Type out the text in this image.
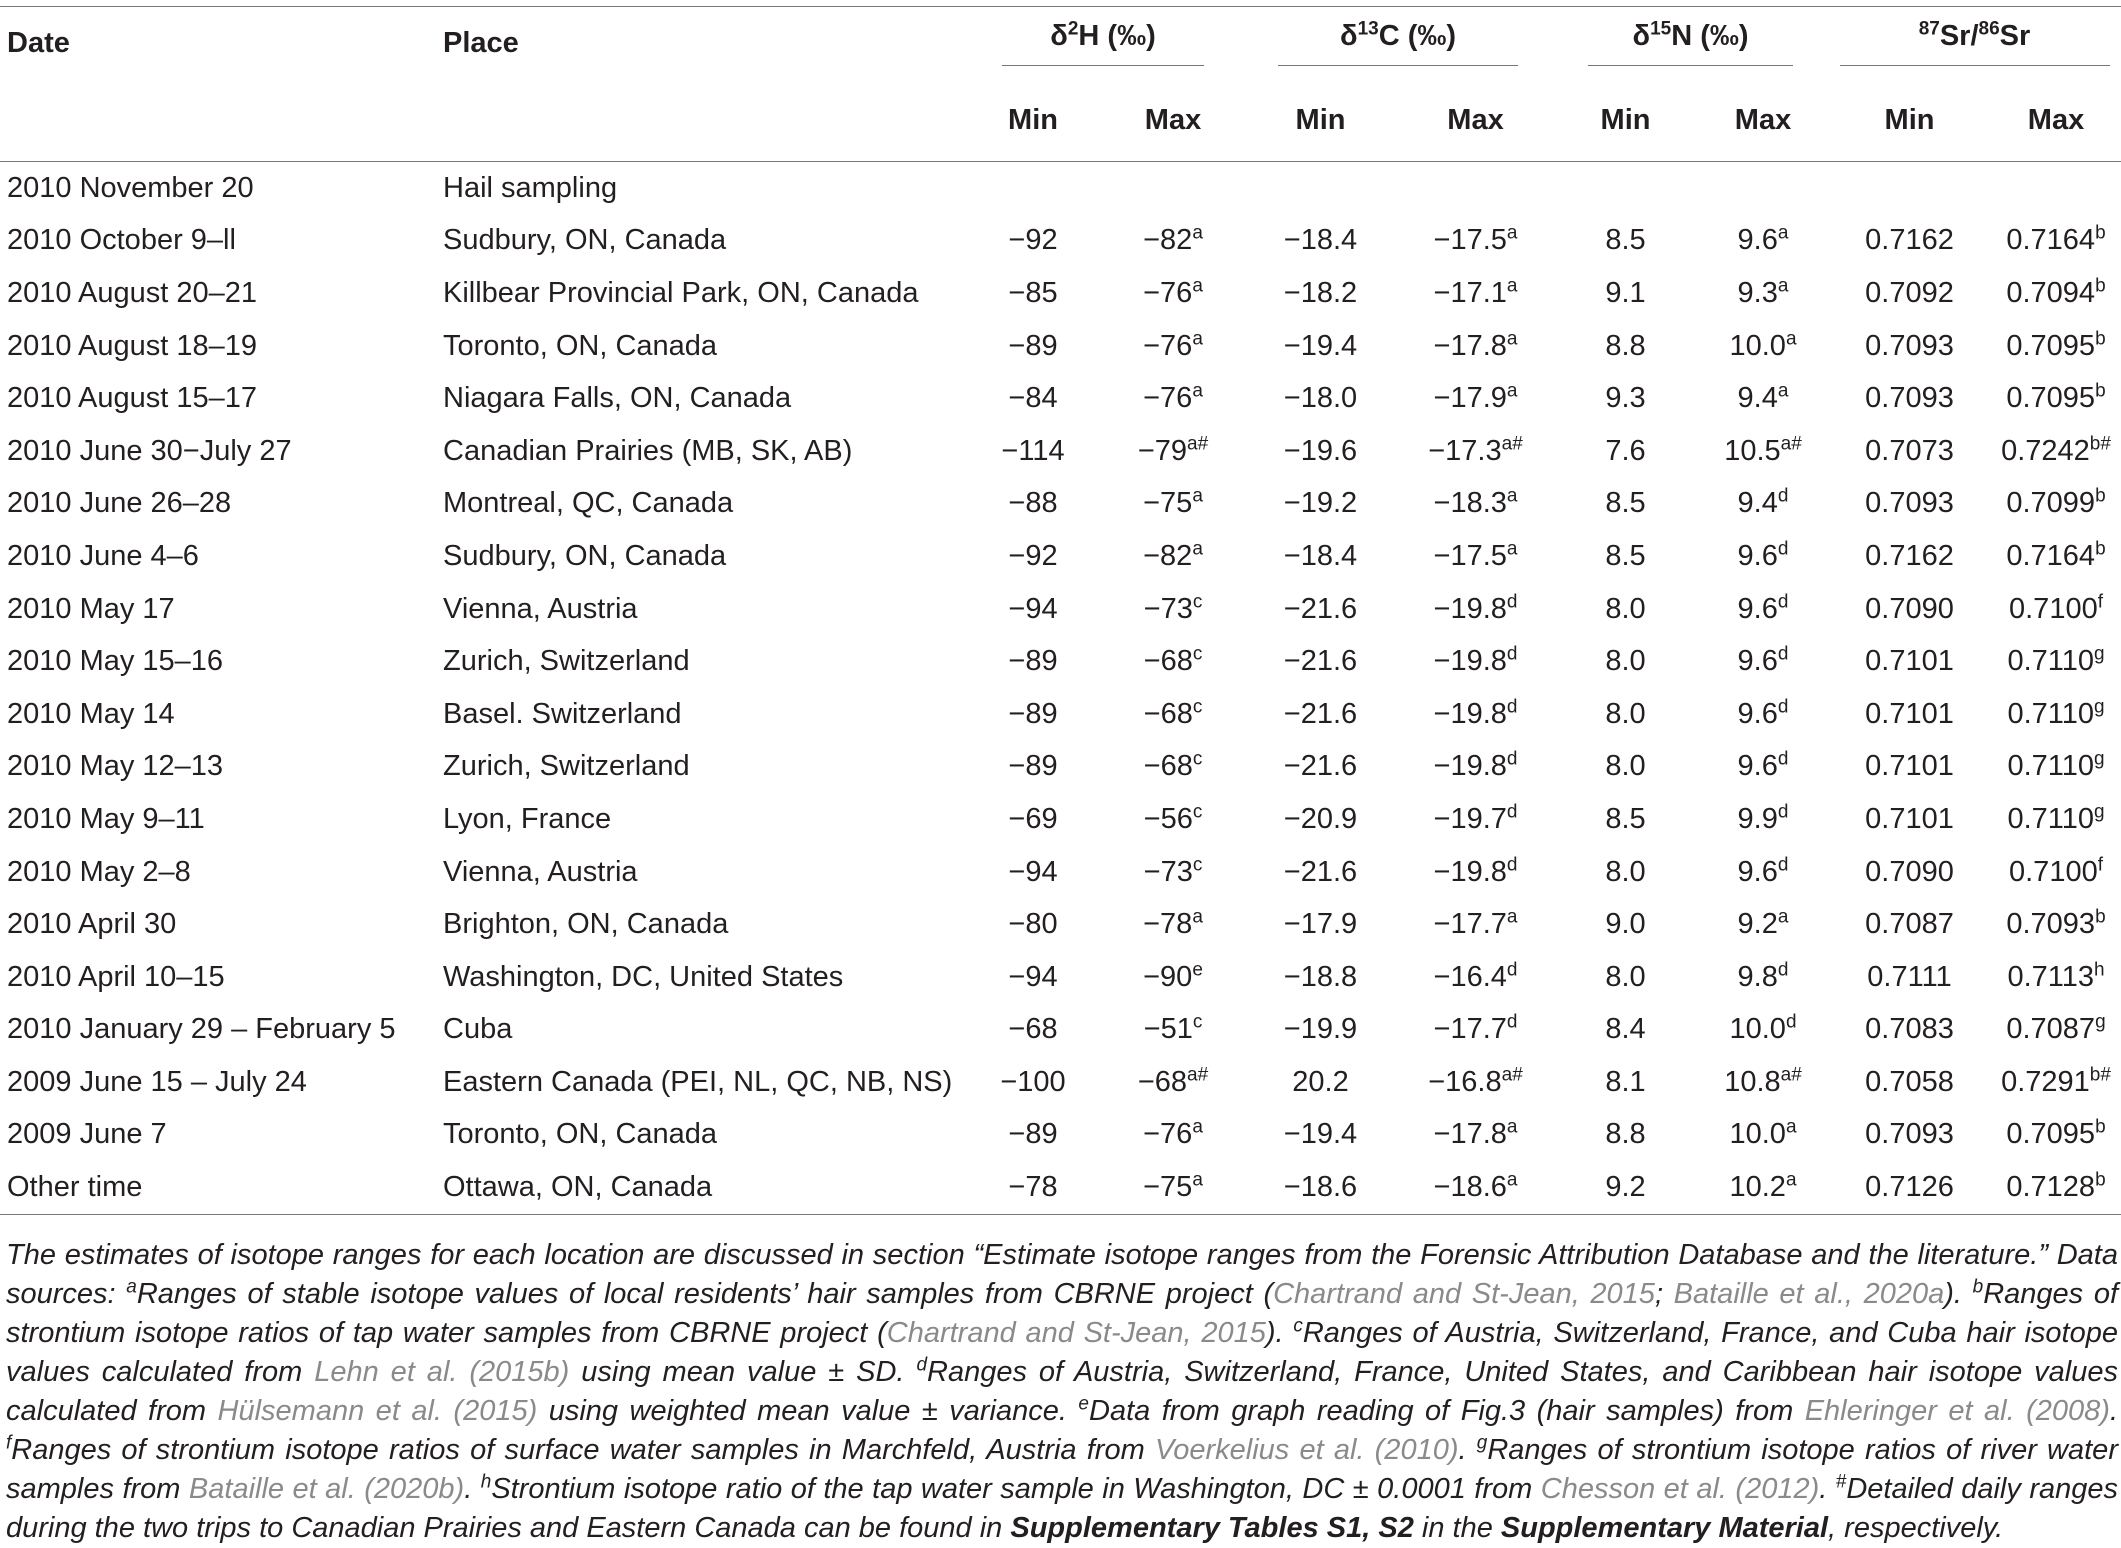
Date	Place	$\delta^2H$ (‰)		$\delta^{13}C$ (‰)		$\delta^{15}N$ (‰)		$^{87}$Sr/$^{86}$Sr	

		Min	Max	Min	Max	Min	Max	Min	Max
2010 November 20	Hail sampling								
2010 October 9–ll	Sudbury, ON, Canada	−92	$-82^a$	−18.4	−17.5$^a$	8.5	9.6$^a$	0.7162	0.7164$^b$
2010 August 20–21	Killbear Provincial Park, ON, Canada	−85	$-76^a$	−18.2	−17.1$^a$	9.1	9.3$^a$	0.7092	0.7094$^b$
2010 August 18–19	Toronto, ON, Canada	−89	$-76^a$	−19.4	−17.8$^a$	8.8	10.0$^a$	0.7093	0.7095$^b$
2010 August 15–17	Niagara Falls, ON, Canada	−84	$-76^a$	−18.0	−17.9$^a$	9.3	9.4$^a$	0.7093	0.7095$^b$
2010 June 30−July 27	Canadian Prairies (MB, SK, AB)	−114	$-79^{a\#}$	−19.6	$-17.3^{a\#}$	7.6	$10.5^{a\#}$	0.7073	$0.7242^{b\#}$
2010 June 26–28	Montreal, QC, Canada	−88	$-75^a$	−19.2	−18.3$^a$	8.5	9.4$^d$	0.7093	0.7099$^b$
2010 June 4–6	Sudbury, ON, Canada	−92	$-82^a$	−18.4	−17.5$^a$	8.5	9.6$^d$	0.7162	0.7164$^b$
2010 May 17	Vienna, Austria	−94	$-73^c$	−21.6	−19.8$^d$	8.0	9.6$^d$	0.7090	0.7100$^f$
2010 May 15–16	Zurich, Switzerland	−89	$-68^c$	−21.6	−19.8$^d$	8.0	9.6$^d$	0.7101	0.7110$^g$
2010 May 14	Basel. Switzerland	−89	$-68^c$	−21.6	−19.8$^d$	8.0	9.6$^d$	0.7101	0.7110$^g$
2010 May 12–13	Zurich, Switzerland	−89	$-68^c$	−21.6	−19.8$^d$	8.0	9.6$^d$	0.7101	0.7110$^g$
2010 May 9–11	Lyon, France	−69	$-56^c$	−20.9	−19.7$^d$	8.5	9.9$^d$	0.7101	0.7110$^g$
2010 May 2–8	Vienna, Austria	−94	$-73^c$	−21.6	−19.8$^d$	8.0	9.6$^d$	0.7090	0.7100$^f$
2010 April 30	Brighton, ON, Canada	−80	$-78^a$	−17.9	−17.7$^a$	9.0	9.2$^a$	0.7087	0.7093$^b$
2010 April 10–15	Washington, DC, United States	−94	$-90^e$	−18.8	−16.4$^d$	8.0	9.8$^d$	0.7111	0.7113$^h$
2010 January 29 – February 5	Cuba	−68	$-51^c$	−19.9	−17.7$^d$	8.4	10.0$^d$	0.7083	0.7087$^g$
2009 June 15 – July 24	Eastern Canada (PEI, NL, QC, NB, NS)	−100	$-68^{a\#}$	20.2	$-16.8^{a\#}$	8.1	$10.8^{a\#}$	0.7058	$0.7291^{b\#}$
2009 June 7	Toronto, ON, Canada	−89	$-76^a$	−19.4	−17.8$^a$	8.8	10.0$^a$	0.7093	0.7095$^b$
Other time	Ottawa, ON, Canada	−78	$-75^a$	−18.6	−18.6$^a$	9.2	10.2$^a$	0.7126	0.7128$^b$
The estimates of isotope ranges for each location are discussed in section “Estimate isotope ranges from the Forensic Attribution Database and the literature.” Data sources: $^a$Ranges of stable isotope values of local residents’ hair samples from CBRNE project (Chartrand and St-Jean, 2015; Bataille et al., 2020a). $^b$Ranges of strontium isotope ratios of tap water samples from CBRNE project (Chartrand and St-Jean, 2015). $^c$Ranges of Austria, Switzerland, France, and Cuba hair isotope values calculated from Lehn et al. (2015b) using mean value ± SD. $^d$Ranges of Austria, Switzerland, France, United States, and Caribbean hair isotope values calculated from Hülsemann et al. (2015) using weighted mean value ± variance. $^e$Data from graph reading of Fig.3 (hair samples) from Ehleringer et al. (2008). $^f$Ranges of strontium isotope ratios of surface water samples in Marchfeld, Austria from Voerkelius et al. (2010). $^g$Ranges of strontium isotope ratios of river water samples from Bataille et al. (2020b). $^h$Strontium isotope ratio of the tap water sample in Washington, DC ± 0.0001 from Chesson et al. (2012). #Detailed daily ranges during the two trips to Canadian Prairies and Eastern Canada can be found in Supplementary Tables S1, S2 in the Supplementary Material, respectively.
